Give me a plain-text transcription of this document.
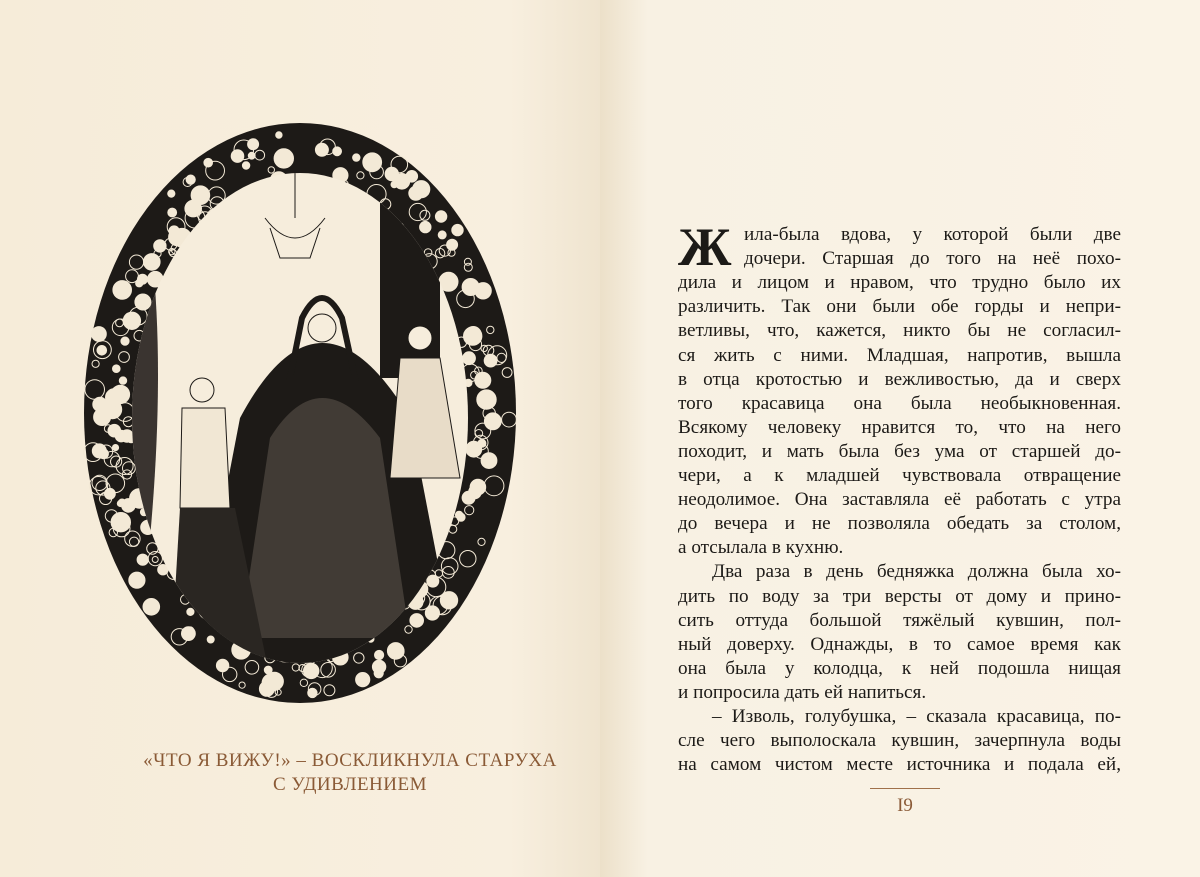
«ЧТО Я ВИЖУ!» – ВОСКЛИКНУЛА СТАРУХА
С УДИВЛЕНИЕМ
Ж ила-была вдова, у которой были две
дочери. Старшая до того на неё похо-
дила и лицом и нравом, что трудно было их
различить. Так они были обе горды и непри-
ветливы, что, кажется, никто бы не согласил-
ся жить с ними. Младшая, напротив, вышла
в отца кротостью и вежливостью, да и сверх
того красавица она была необыкновенная.
Всякому человеку нравится то, что на него
походит, и мать была без ума от старшей до-
чери, а к младшей чувствовала отвращение
неодолимое. Она заставляла её работать с утра
до вечера и не позволяла обедать за столом,
а отсылала в кухню.
Два раза в день бедняжка должна была хо-
дить по воду за три версты от дому и прино-
сить оттуда большой тяжёлый кувшин, пол-
ный доверху. Однажды, в то самое время как
она была у колодца, к ней подошла нищая
и попросила дать ей напиться.
– Изволь, голубушка, – сказала красавица, по-
сле чего выполоскала кувшин, зачерпнула воды
на самом чистом месте источника и подала ей,
I9
